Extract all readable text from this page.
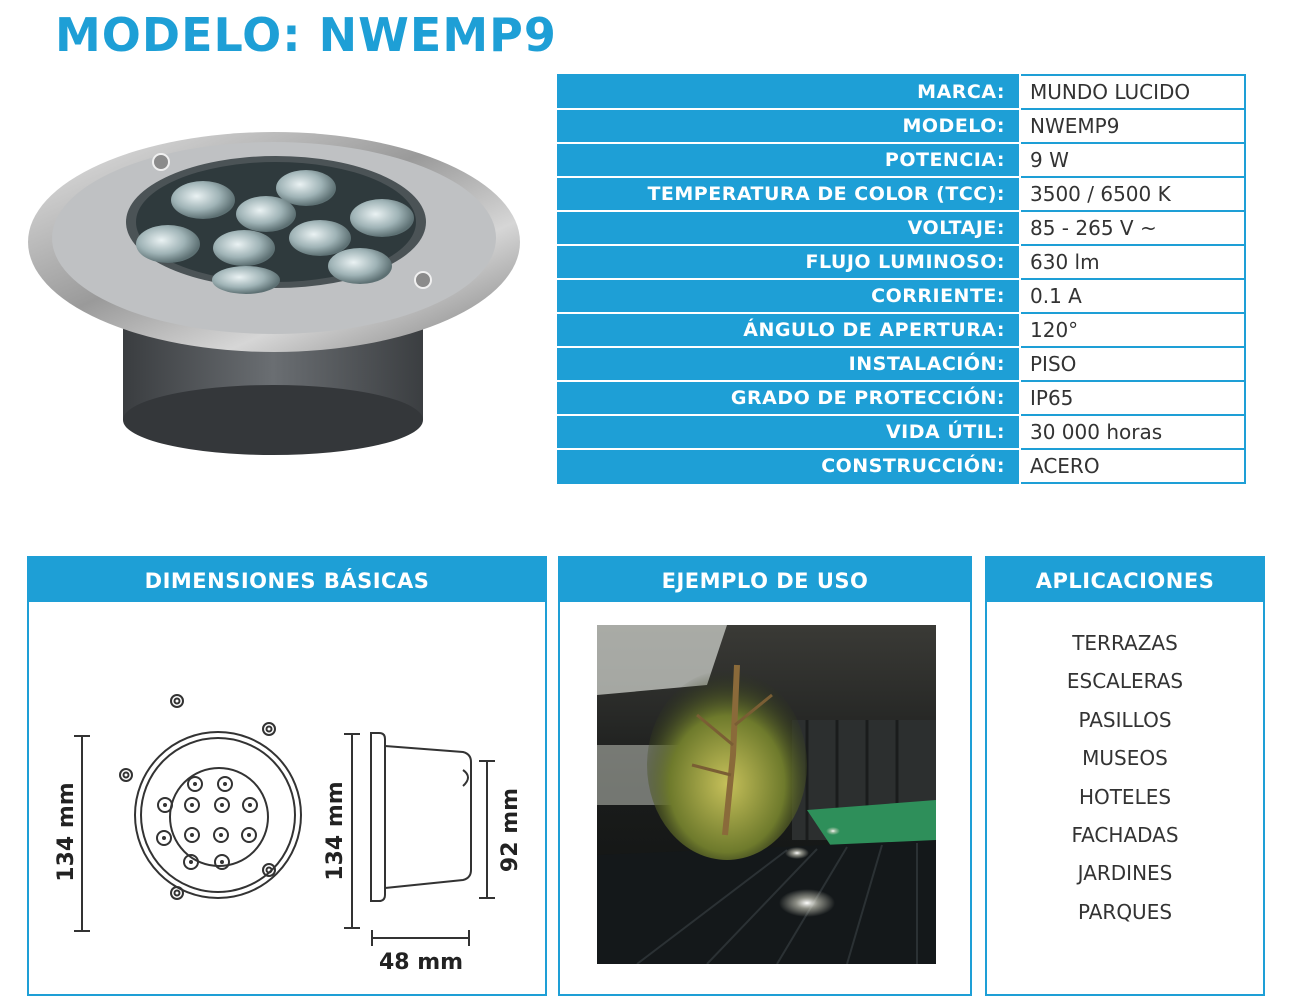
MODELO: NWEMP9
MARCA:	MUNDO LUCIDO
MODELO:	NWEMP9
POTENCIA:	9 W
TEMPERATURA DE COLOR (TCC):	3500 / 6500 K
VOLTAJE:	85 - 265 V ~
FLUJO LUMINOSO:	630 lm
CORRIENTE:	0.1 A
ÁNGULO DE APERTURA:	120°
INSTALACIÓN:	PISO
GRADO DE PROTECCIÓN:	IP65
VIDA ÚTIL:	30 000 horas
CONSTRUCCIÓN:	ACERO
DIMENSIONES BÁSICAS
134 mm	134 mm	92 mm
48 mm
EJEMPLO DE USO	APLICACIONES
TERRAZAS
ESCALERAS
PASILLOS
MUSEOS
HOTELES
FACHADAS
JARDINES
PARQUES
